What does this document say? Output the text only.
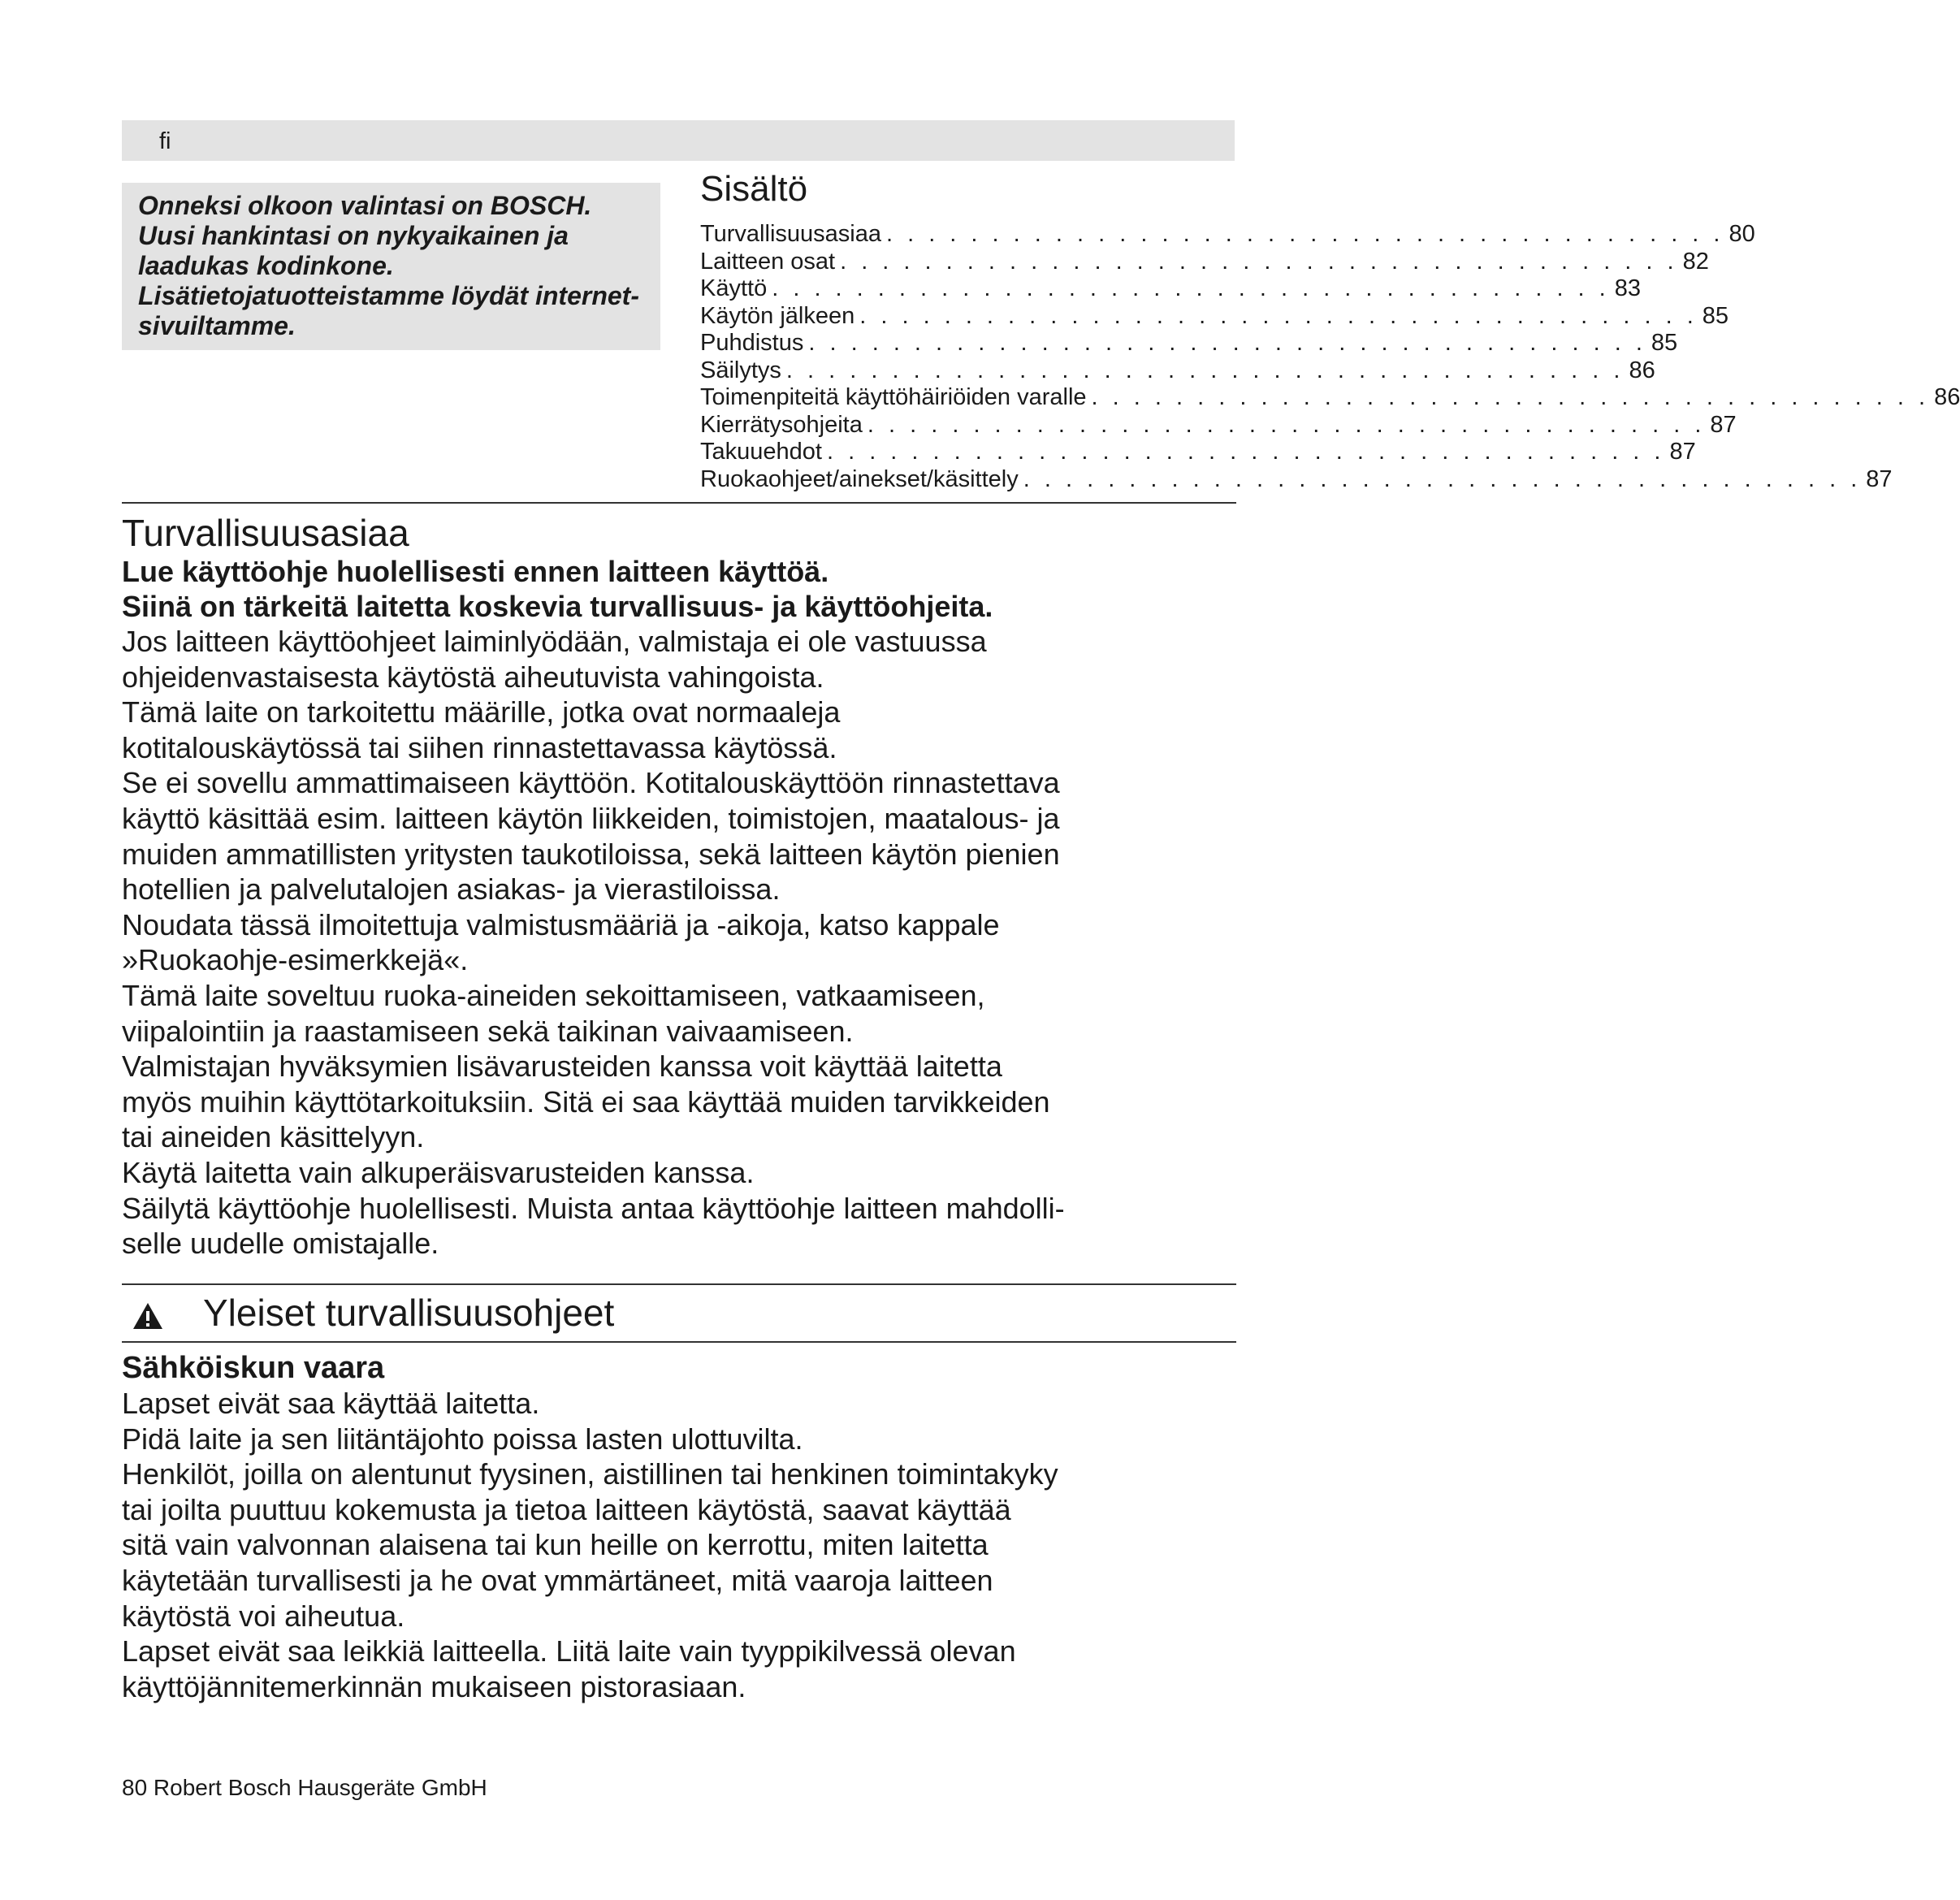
fi

Onneksi olkoon valintasi on BOSCH.

Uusi hankintasi on nykyaikainen ja

laadukas kodinkone.

Lisätietojatuotteistamme löydät internet-

sivuiltamme.

Sisältö
Turvallisuusasiaa . . . . . . . . . . . . . . . . . . . . . . . . . . . . . . . . . . . . . . . . 80
Laitteen osat . . . . . . . . . . . . . . . . . . . . . . . . . . . . . . . . . . . . . . . . 82
Käyttö . . . . . . . . . . . . . . . . . . . . . . . . . . . . . . . . . . . . . . . . 83
Käytön jälkeen . . . . . . . . . . . . . . . . . . . . . . . . . . . . . . . . . . . . . . . . 85
Puhdistus . . . . . . . . . . . . . . . . . . . . . . . . . . . . . . . . . . . . . . . . 85
Säilytys . . . . . . . . . . . . . . . . . . . . . . . . . . . . . . . . . . . . . . . . 86
Toimenpiteitä käyttöhäiriöiden varalle . . . . . . . . . . . . . . . . . . . . . . . . . . . . . . . . . . . . . . . . 86
Kierrätysohjeita . . . . . . . . . . . . . . . . . . . . . . . . . . . . . . . . . . . . . . . . 87
Takuuehdot . . . . . . . . . . . . . . . . . . . . . . . . . . . . . . . . . . . . . . . . 87
Ruokaohjeet/ainekset/käsittely . . . . . . . . . . . . . . . . . . . . . . . . . . . . . . . . . . . . . . . . 87
Turvallisuusasiaa

Lue käyttöohje huolellisesti ennen laitteen käyttöä.

Siinä on tärkeitä laitetta koskevia turvallisuus- ja käyttöohjeita.

Jos laitteen käyttöohjeet laiminlyödään, valmistaja ei ole vastuussa

ohjeidenvastaisesta käytöstä aiheutuvista vahingoista.

Tämä laite on tarkoitettu määrille, jotka ovat normaaleja

kotitalouskäytössä tai siihen rinnastettavassa käytössä.

Se ei sovellu ammattimaiseen käyttöön. Kotitalouskäyttöön rinnastettava

käyttö käsittää esim. laitteen käytön liikkeiden, toimistojen, maatalous- ja

muiden ammatillisten yritysten taukotiloissa, sekä laitteen käytön pienien

hotellien ja palvelutalojen asiakas- ja vierastiloissa.

Noudata tässä ilmoitettuja valmistusmääriä ja -aikoja, katso kappale

»Ruokaohje-esimerkkejä«.

Tämä laite soveltuu ruoka-aineiden sekoittamiseen, vatkaamiseen,

viipalointiin ja raastamiseen sekä taikinan vaivaamiseen.

Valmistajan hyväksymien lisävarusteiden kanssa voit käyttää laitetta

myös muihin käyttötarkoituksiin. Sitä ei saa käyttää muiden tarvikkeiden

tai aineiden käsittelyyn.

Käytä laitetta vain alkuperäisvarusteiden kanssa.

Säilytä käyttöohje huolellisesti. Muista antaa käyttöohje laitteen mahdolli-

selle uudelle omistajalle.

Yleiset turvallisuusohjeet
Sähköiskun vaara

Lapset eivät saa käyttää laitetta.

Pidä laite ja sen liitäntäjohto poissa lasten ulottuvilta.

Henkilöt, joilla on alentunut fyysinen, aistillinen tai henkinen toimintakyky

tai joilta puuttuu kokemusta ja tietoa laitteen käytöstä, saavat käyttää

sitä vain valvonnan alaisena tai kun heille on kerrottu, miten laitetta

käytetään turvallisesti ja he ovat ymmärtäneet, mitä vaaroja laitteen

käytöstä voi aiheutua.

Lapset eivät saa leikkiä laitteella. Liitä laite vain tyyppikilvessä olevan

käyttöjännitemerkinnän mukaiseen pistorasiaan.

80 Robert Bosch Hausgeräte GmbH
